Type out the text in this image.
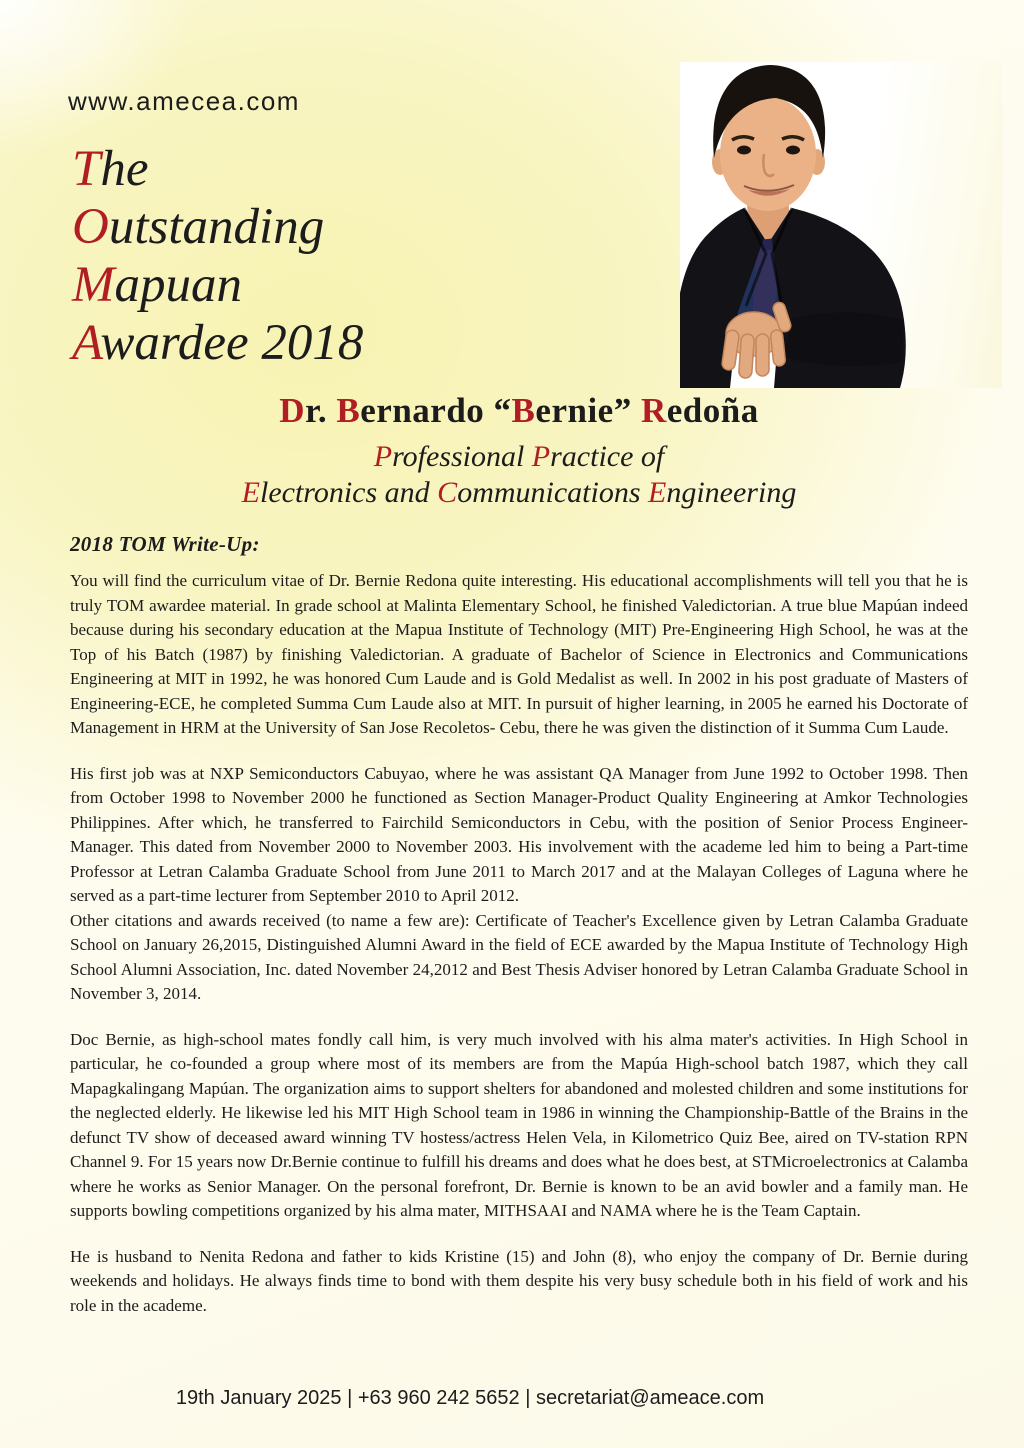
www.amecea.com
The
Outstanding
Mapuan
Awardee 2018
Dr. Bernardo “Bernie” Redoña
Professional Practice of
Electronics and Communications Engineering
2018 TOM Write-Up:

You will find the curriculum vitae of Dr. Bernie Redona quite interesting. His educational accomplishments will tell you that he is truly TOM awardee material. In grade school at Malinta Elementary School, he finished Valedictorian. A true blue Mapúan indeed because during his secondary education at the Mapua Institute of Technology (MIT) Pre-Engineering High School, he was at the Top of his Batch (1987) by finishing Valedictorian. A graduate of Bachelor of Science in Electronics and Communications Engineering at MIT in 1992, he was honored Cum Laude and is Gold Medalist as well. In 2002 in his post graduate of Masters of Engineering-ECE, he completed Summa Cum Laude also at MIT. In pursuit of higher learning, in 2005 he earned his Doctorate of Management in HRM at the University of San Jose Recoletos- Cebu, there he was given the distinction of it Summa Cum Laude.

His first job was at NXP Semiconductors Cabuyao, where he was assistant QA Manager from June 1992 to October 1998. Then from October 1998 to November 2000 he functioned as Section Manager-Product Quality Engineering at Amkor Technologies Philippines. After which, he transferred to Fairchild Semiconductors in Cebu, with the position of Senior Process Engineer-Manager. This dated from November 2000 to November 2003. His involvement with the academe led him to being a Part-time Professor at Letran Calamba Graduate School from June 2011 to March 2017 and at the Malayan Colleges of Laguna where he served as a part-time lecturer from September 2010 to April 2012.

Other citations and awards received (to name a few are): Certificate of Teacher's Excellence given by Letran Calamba Graduate School on January 26,2015, Distinguished Alumni Award in the field of ECE awarded by the Mapua Institute of Technology High School Alumni Association, Inc. dated November 24,2012 and Best Thesis Adviser honored by Letran Calamba Graduate School in November 3, 2014.

Doc Bernie, as high-school mates fondly call him, is very much involved with his alma mater's activities. In High School in particular, he co-founded a group where most of its members are from the Mapúa High-school batch 1987, which they call Mapagkalingang Mapúan. The organization aims to support shelters for abandoned and molested children and some institutions for the neglected elderly. He likewise led his MIT High School team in 1986 in winning the Championship-Battle of the Brains in the defunct TV show of deceased award winning TV hostess/actress Helen Vela, in Kilometrico Quiz Bee, aired on TV-station RPN Channel 9. For 15 years now Dr.Bernie continue to fulfill his dreams and does what he does best, at STMicroelectronics at Calamba where he works as Senior Manager. On the personal forefront, Dr. Bernie is known to be an avid bowler and a family man. He supports bowling competitions organized by his alma mater, MITHSAAI and NAMA where he is the Team Captain.

He is husband to Nenita Redona and father to kids Kristine (15) and John (8), who enjoy the company of Dr. Bernie during weekends and holidays. He always finds time to bond with them despite his very busy schedule both in his field of work and his role in the academe.

19th January 2025 | +63 960 242 5652 | secretariat@ameace.com
